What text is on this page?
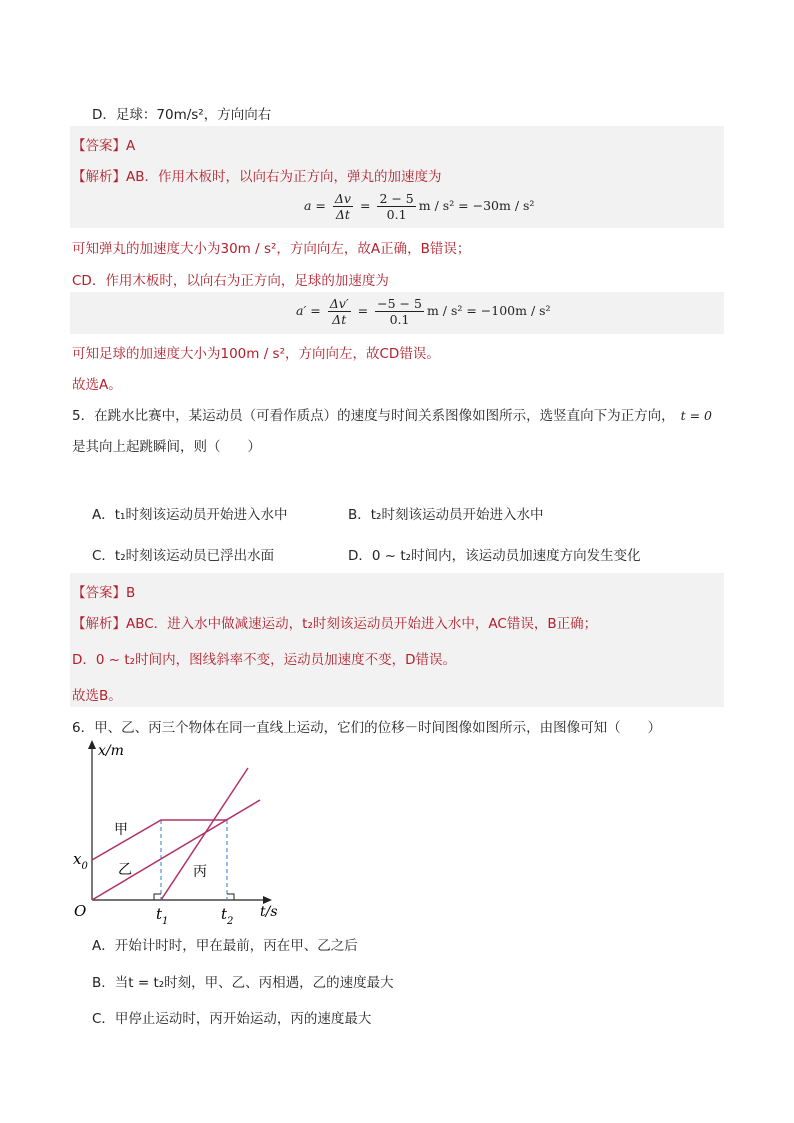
D．足球：70m/s²，方向向右
【答案】A
【解析】AB．作用木板时，以向右为正方向，弹丸的加速度为
$a = \frac{\Delta v}{\Delta t} = \frac{2 - 5}{0.1}$ m / s² = −30m / s²
可知弹丸的加速度大小为30m / s²，方向向左，故A正确，B错误；
CD．作用木板时，以向右为正方向，足球的加速度为
$a' = \frac{\Delta v'}{\Delta t} = \frac{-5 - 5}{0.1}$ m / s² = −100m / s²
可知足球的加速度大小为100m / s²，方向向左，故CD错误。
故选A。
5．在跳水比赛中，某运动员（可看作质点）的速度与时间关系图像如图所示，选竖直向下为正方向， t = 0
是其向上起跳瞬间，则（　　）
A．t₁时刻该运动员开始进入水中	B．t₂时刻该运动员开始进入水中
C．t₂时刻该运动员已浮出水面	D．0 ~ t₂时间内，该运动员加速度方向发生变化
【答案】B
【解析】ABC．进入水中做减速运动，t₂时刻该运动员开始进入水中，AC错误，B正确；
D．0 ~ t₂时间内，图线斜率不变，运动员加速度不变，D错误。
故选B。
6．甲、乙、丙三个物体在同一直线上运动，它们的位移－时间图像如图所示，由图像可知（　　）
x/m
t/s
O
$x_0$
$t_1$	$t_2$
甲
乙	丙
A．开始计时时，甲在最前，丙在甲、乙之后
B．当t = t₂时刻，甲、乙、丙相遇，乙的速度最大
C．甲停止运动时，丙开始运动，丙的速度最大
